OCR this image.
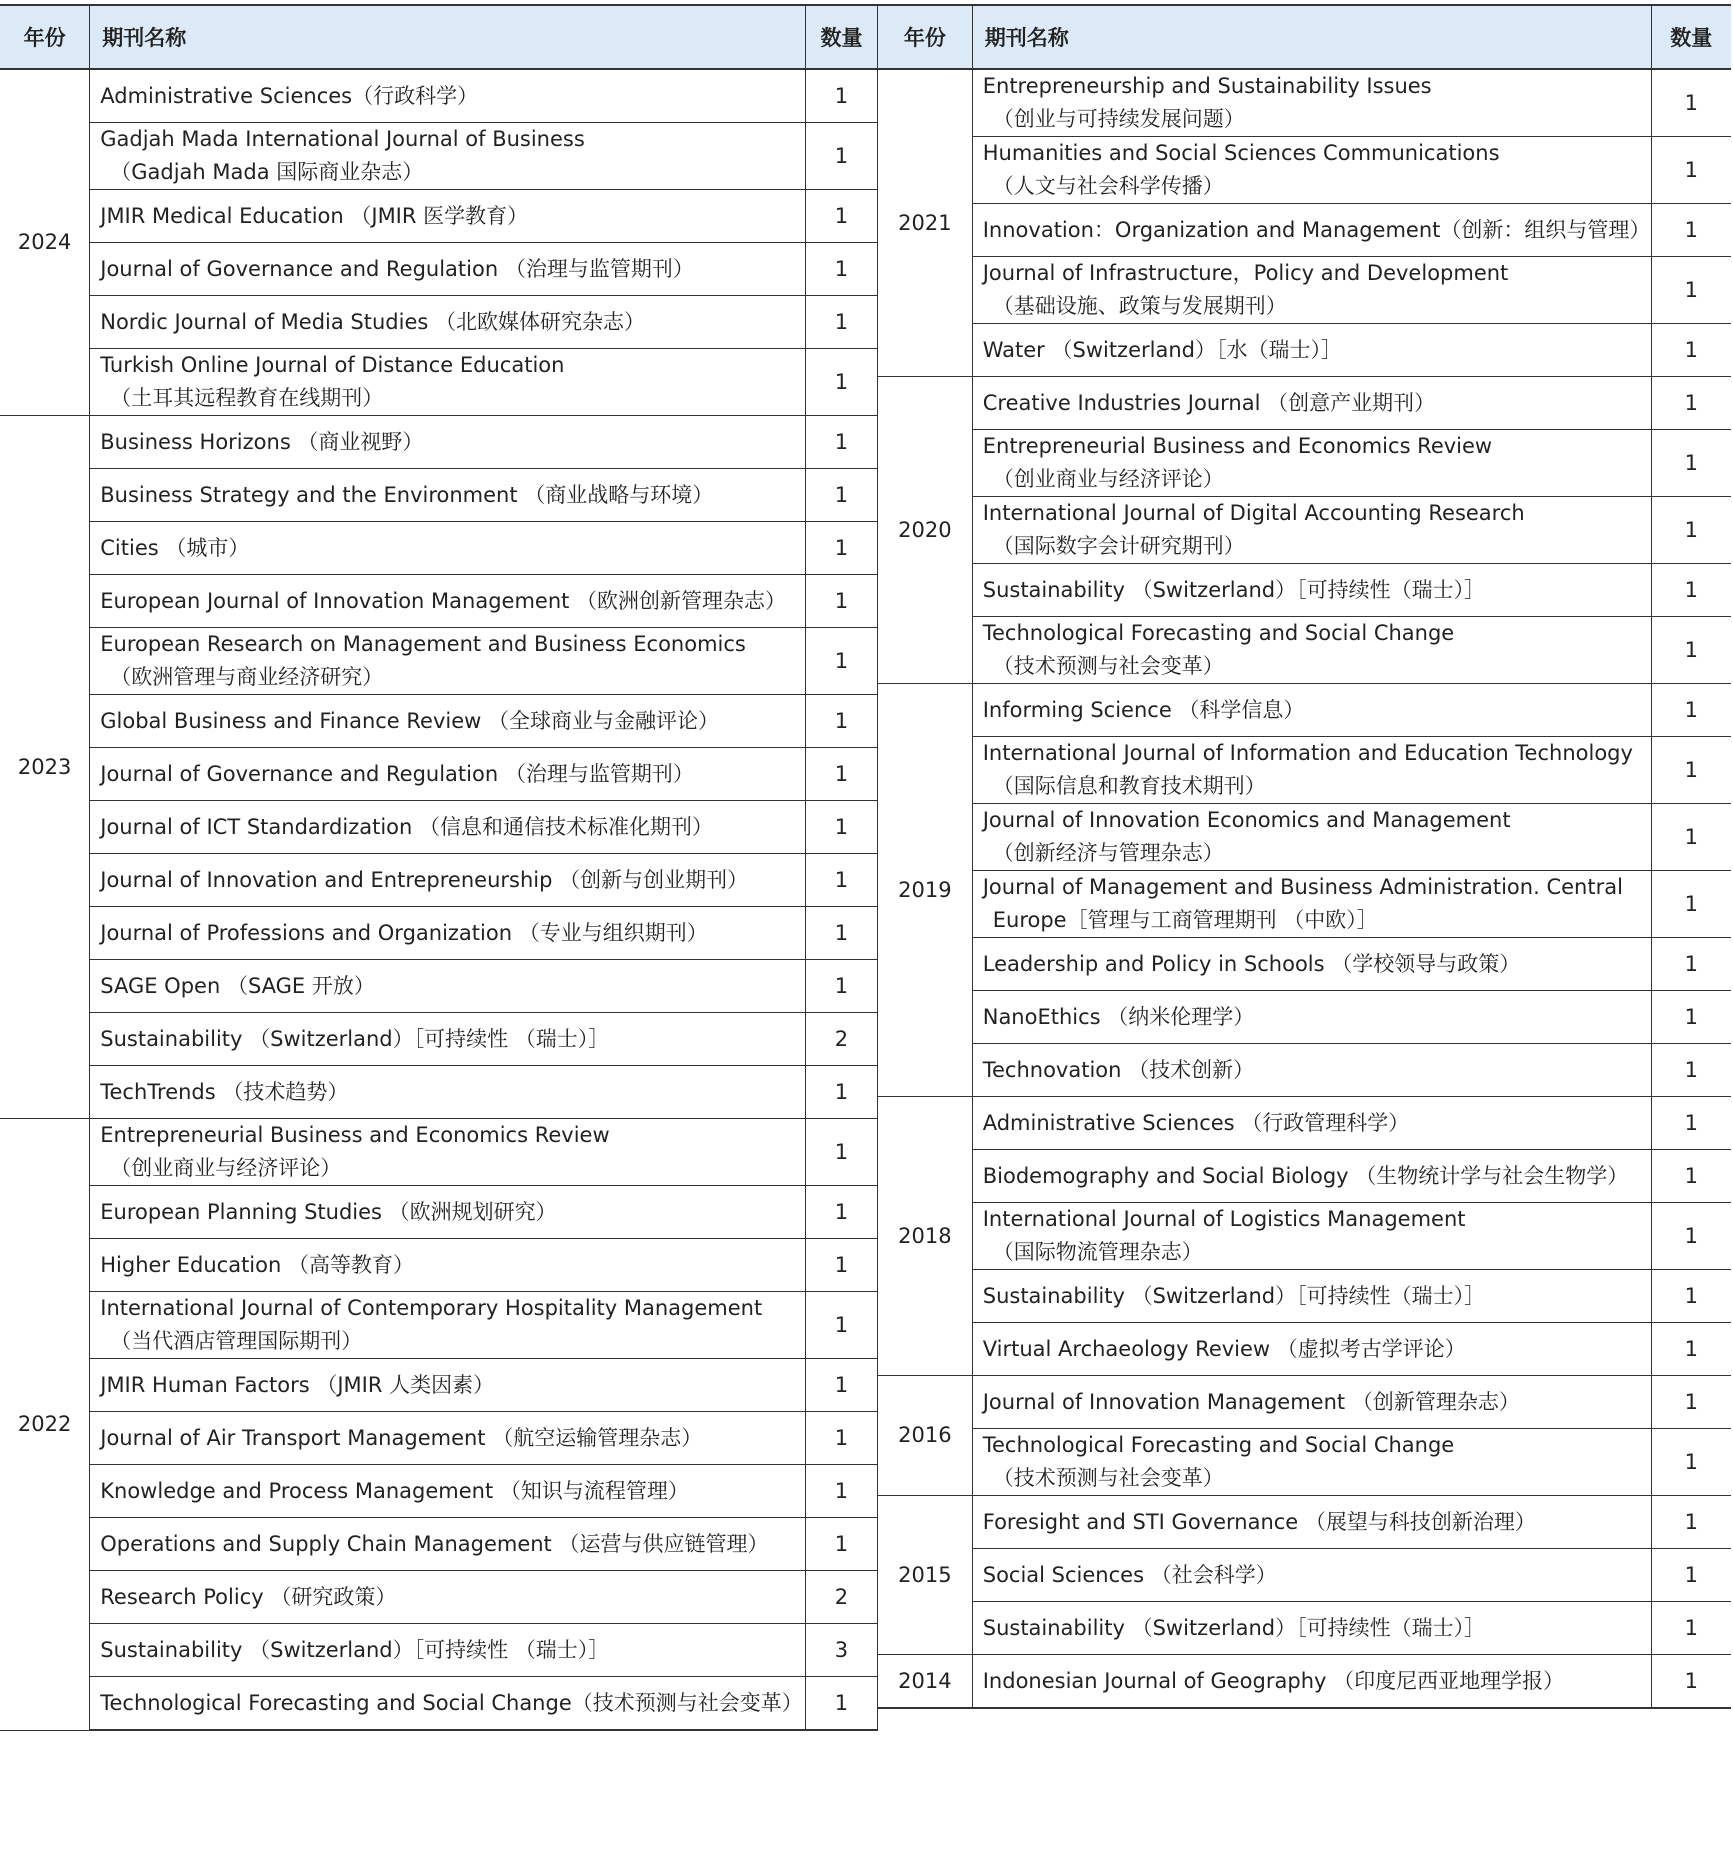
年份	期刊名称	数量
2024	Administrative Sciences（行政科学）	1
	Gadjah Mada International Journal of Business
（Gadjah Mada 国际商业杂志）	1
	JMIR Medical Education （JMIR 医学教育）	1
	Journal of Governance and Regulation （治理与监管期刊）	1
	Nordic Journal of Media Studies （北欧媒体研究杂志）	1
	Turkish Online Journal of Distance Education
（土耳其远程教育在线期刊）	1
2023	Business Horizons （商业视野）	1
	Business Strategy and the Environment （商业战略与环境）	1
	Cities （城市）	1
	European Journal of Innovation Management （欧洲创新管理杂志）	1
	European Research on Management and Business Economics
（欧洲管理与商业经济研究）	1
	Global Business and Finance Review （全球商业与金融评论）	1
	Journal of Governance and Regulation （治理与监管期刊）	1
	Journal of ICT Standardization （信息和通信技术标准化期刊）	1
	Journal of Innovation and Entrepreneurship （创新与创业期刊）	1
	Journal of Professions and Organization （专业与组织期刊）	1
	SAGE Open （SAGE 开放）	1
	Sustainability （Switzerland）［可持续性 （瑞士）］	2
	TechTrends （技术趋势）	1
2022	Entrepreneurial Business and Economics Review
（创业商业与经济评论）	1
	European Planning Studies （欧洲规划研究）	1
	Higher Education （高等教育）	1
	International Journal of Contemporary Hospitality Management
（当代酒店管理国际期刊）	1
	JMIR Human Factors （JMIR 人类因素）	1
	Journal of Air Transport Management （航空运输管理杂志）	1
	Knowledge and Process Management （知识与流程管理）	1
	Operations and Supply Chain Management （运营与供应链管理）	1
	Research Policy （研究政策）	2
	Sustainability （Switzerland）［可持续性 （瑞士）］	3
	Technological Forecasting and Social Change（技术预测与社会变革）	1
年份	期刊名称	数量
2021	Entrepreneurship and Sustainability Issues
（创业与可持续发展问题）	1
	Humanities and Social Sciences Communications
（人文与社会科学传播）	1
	Innovation：Organization and Management（创新：组织与管理）	1
	Journal of Infrastructure，Policy and Development
（基础设施、政策与发展期刊）	1
	Water （Switzerland）［水（瑞士）］	1
2020	Creative Industries Journal （创意产业期刊）	1
	Entrepreneurial Business and Economics Review
（创业商业与经济评论）	1
	International Journal of Digital Accounting Research
（国际数字会计研究期刊）	1
	Sustainability （Switzerland）［可持续性（瑞士）］	1
	Technological Forecasting and Social Change
（技术预测与社会变革）	1
2019	Informing Science （科学信息）	1
	International Journal of Information and Education Technology
（国际信息和教育技术期刊）	1
	Journal of Innovation Economics and Management
（创新经济与管理杂志）	1
	Journal of Management and Business Administration. Central
Europe［管理与工商管理期刊 （中欧）］	1
	Leadership and Policy in Schools （学校领导与政策）	1
	NanoEthics （纳米伦理学）	1
	Technovation （技术创新）	1
2018	Administrative Sciences （行政管理科学）	1
	Biodemography and Social Biology （生物统计学与社会生物学）	1
	International Journal of Logistics Management
（国际物流管理杂志）	1
	Sustainability （Switzerland）［可持续性（瑞士）］	1
	Virtual Archaeology Review （虚拟考古学评论）	1
2016	Journal of Innovation Management （创新管理杂志）	1
	Technological Forecasting and Social Change
（技术预测与社会变革）	1
2015	Foresight and STI Governance （展望与科技创新治理）	1
	Social Sciences （社会科学）	1
	Sustainability （Switzerland）［可持续性（瑞士）］	1
2014	Indonesian Journal of Geography （印度尼西亚地理学报）	1
